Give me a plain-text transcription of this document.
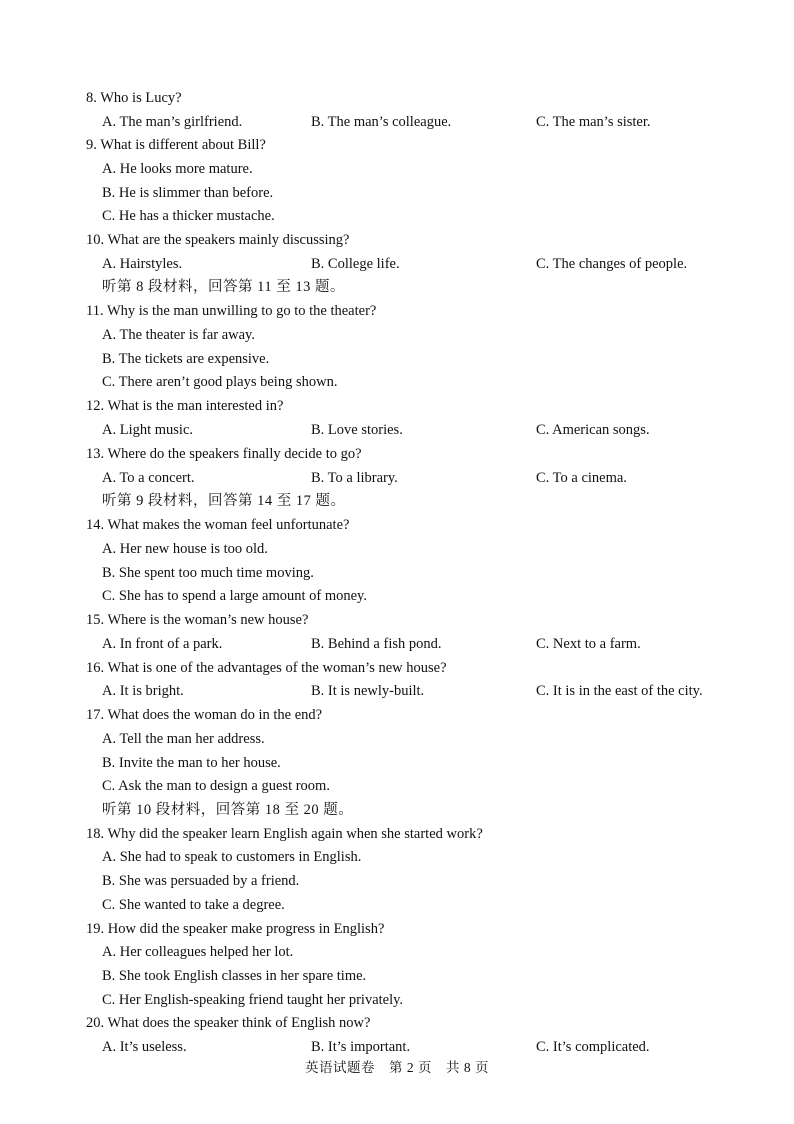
8. Who is Lucy?
A. The man’s girlfriend.	B. The man’s colleague.	C. The man’s sister.
9. What is different about Bill?
A. He looks more mature.
B. He is slimmer than before.
C. He has a thicker mustache.
10. What are the speakers mainly discussing?
A. Hairstyles.	B. College life.	C. The changes of people.
听第 8 段材料，回答第 11 至 13 题。
11. Why is the man unwilling to go to the theater?
A. The theater is far away.
B. The tickets are expensive.
C. There aren’t good plays being shown.
12. What is the man interested in?
A. Light music.	B. Love stories.	C. American songs.
13. Where do the speakers finally decide to go?
A. To a concert.	B. To a library.	C. To a cinema.
听第 9 段材料，回答第 14 至 17 题。
14. What makes the woman feel unfortunate?
A. Her new house is too old.
B. She spent too much time moving.
C. She has to spend a large amount of money.
15. Where is the woman’s new house?
A. In front of a park.	B. Behind a fish pond.	C. Next to a farm.
16. What is one of the advantages of the woman’s new house?
A. It is bright.	B. It is newly-built.	C. It is in the east of the city.
17. What does the woman do in the end?
A. Tell the man her address.
B. Invite the man to her house.
C. Ask the man to design a guest room.
听第 10 段材料，回答第 18 至 20 题。
18. Why did the speaker learn English again when she started work?
A. She had to speak to customers in English.
B. She was persuaded by a friend.
C. She wanted to take a degree.
19. How did the speaker make progress in English?
A. Her colleagues helped her lot.
B. She took English classes in her spare time.
C. Her English-speaking friend taught her privately.
20. What does the speaker think of English now?
A. It’s useless.	B. It’s important.	C. It’s complicated.
英语试题卷　第 2 页　共 8 页
